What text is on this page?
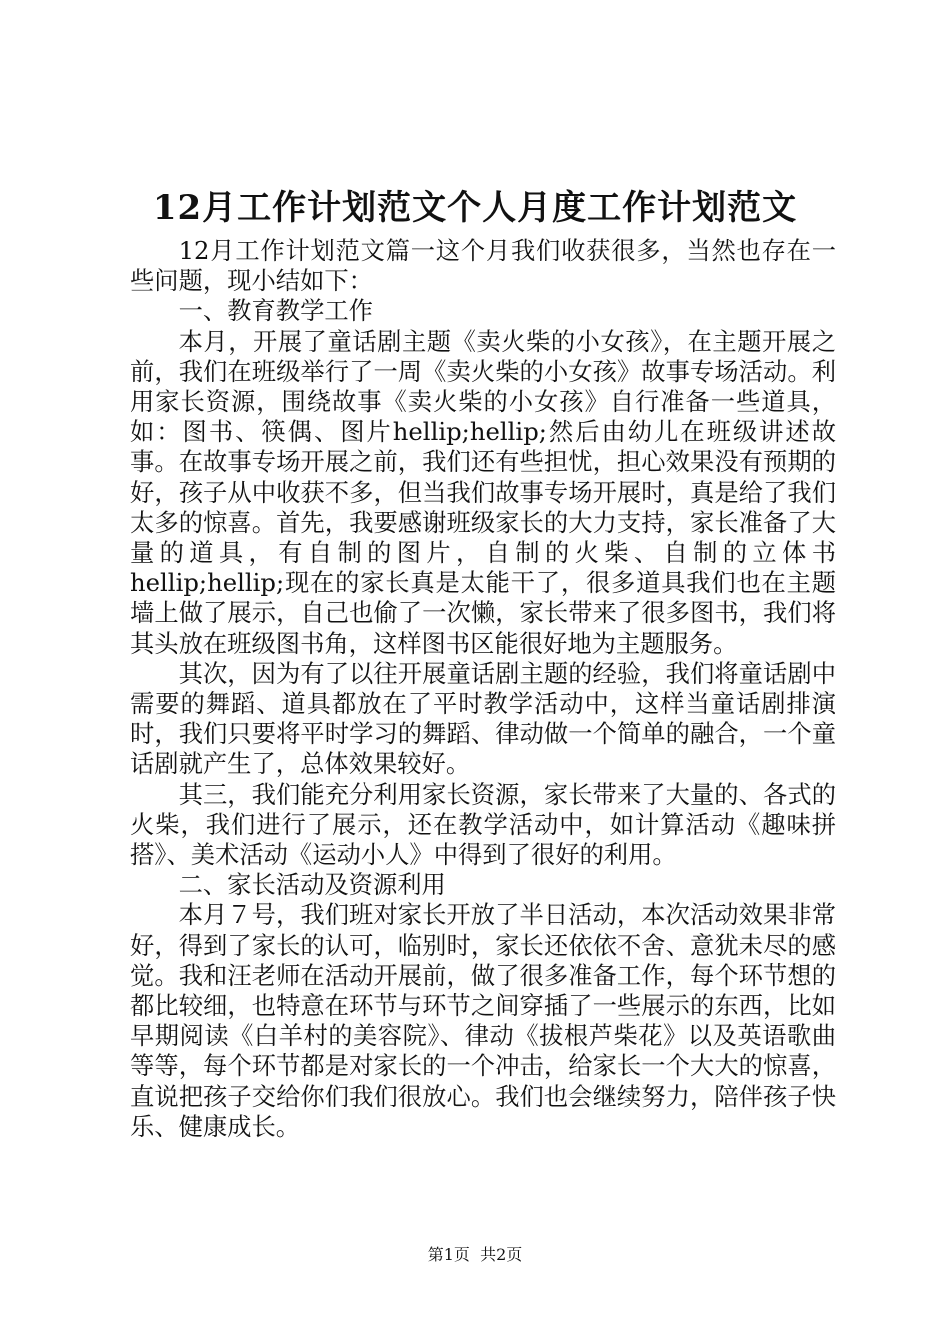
12月工作计划范文个人月度工作计划范文

12月工作计划范文篇一这个月我们收获很多，当然也存在一些问题，现小结如下：

一、教育教学工作

本月，开展了童话剧主题《卖火柴的小女孩》，在主题开展之前，我们在班级举行了一周《卖火柴的小女孩》故事专场活动。利用家长资源，围绕故事《卖火柴的小女孩》自行准备一些道具，如：图书、筷偶、图片hellip;hellip;然后由幼儿在班级讲述故事。在故事专场开展之前，我们还有些担忧，担心效果没有预期的好，孩子从中收获不多，但当我们故事专场开展时，真是给了我们太多的惊喜。首先，我要感谢班级家长的大力支持，家长准备了大量的道具，有自制的图片，自制的火柴、自制的立体书hellip;hellip;现在的家长真是太能干了，很多道具我们也在主题墙上做了展示，自己也偷了一次懒，家长带来了很多图书，我们将其头放在班级图书角，这样图书区能很好地为主题服务。

其次，因为有了以往开展童话剧主题的经验，我们将童话剧中需要的舞蹈、道具都放在了平时教学活动中，这样当童话剧排演时，我们只要将平时学习的舞蹈、律动做一个简单的融合，一个童话剧就产生了，总体效果较好。

其三，我们能充分利用家长资源，家长带来了大量的、各式的火柴，我们进行了展示，还在教学活动中，如计算活动《趣味拼搭》、美术活动《运动小人》中得到了很好的利用。

二、家长活动及资源利用

本月７号，我们班对家长开放了半日活动，本次活动效果非常好，得到了家长的认可，临别时，家长还依依不舍、意犹未尽的感觉。我和汪老师在活动开展前，做了很多准备工作，每个环节想的都比较细，也特意在环节与环节之间穿插了一些展示的东西，比如早期阅读《白羊村的美容院》、律动《拔根芦柴花》以及英语歌曲等等，每个环节都是对家长的一个冲击，给家长一个大大的惊喜，直说把孩子交给你们我们很放心。我们也会继续努力，陪伴孩子快乐、健康成长。

第1页  共2页
